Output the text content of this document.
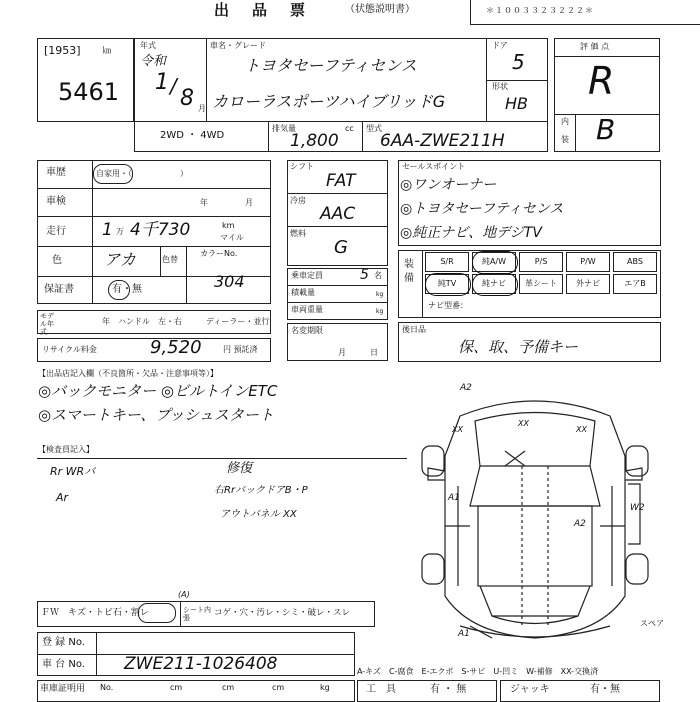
出　品　票	（状態説明書）	＊１００３３２３２２２＊
[1953]	㎞
5461
年式
令和
1 / 8 月
車名・グレード
トヨタセーフティセンス
カローラスポーツハイブリッドG
ドア
5
形状
HB
2WD ・ 4WD
排気量	cc
1,800
型式
6AA-ZWE211H
評 価 点
R
内
装 B
車歴	自家用・（　　　　　　）
車検	年	月
走行 1 万 4千730	km
マイル
色	アカ	色替
カラーNo.
304
保証書	有・無
モデル年式
年 ハンドル　左・右	ディーラー・並行
リサイクル料金	9,520	円 預託済
シフト
FAT
冷房
AAC
燃料
G
乗車定員	5 名
積載量	kg
車両重量	kg
名変期限
月	日
セールスポイント
◎ワンオーナー
◎トヨタセーフティセンス
◎純正ナビ、地デジTV
装備
S/R	純A/W	P/S	P/W	ABS
純TV	純ナビ	革シート	外ナビ	エアB
ナビ型番：
後日品
保、取、予備キー
【出品店記入欄（不良箇所・欠品・注意事項等）】
◎バックモニター ◎ビルトインETC
◎スマートキー、プッシュスタート
【検査員記入】
Rr WRバ
Ar
修復
右RrバックドアB・P
アウトパネル XX
A2
XX
XX
XX
A1
A2
W2
A1
スペア
ＦＷ キズ・トビ石・割レ
(A)
シート内張	コゲ・穴・汚レ・シミ・破レ・スレ
登 録 No.
車 台 No. ZWE211-1026408
車庫証明用 No.	cm	cm	cm	kg
A-キズ　C-腐食　E-エクボ　S-サビ　U-凹ミ　W-補修　XX-交換済
工　具	有 ・ 無	ジャッキ	有・無
